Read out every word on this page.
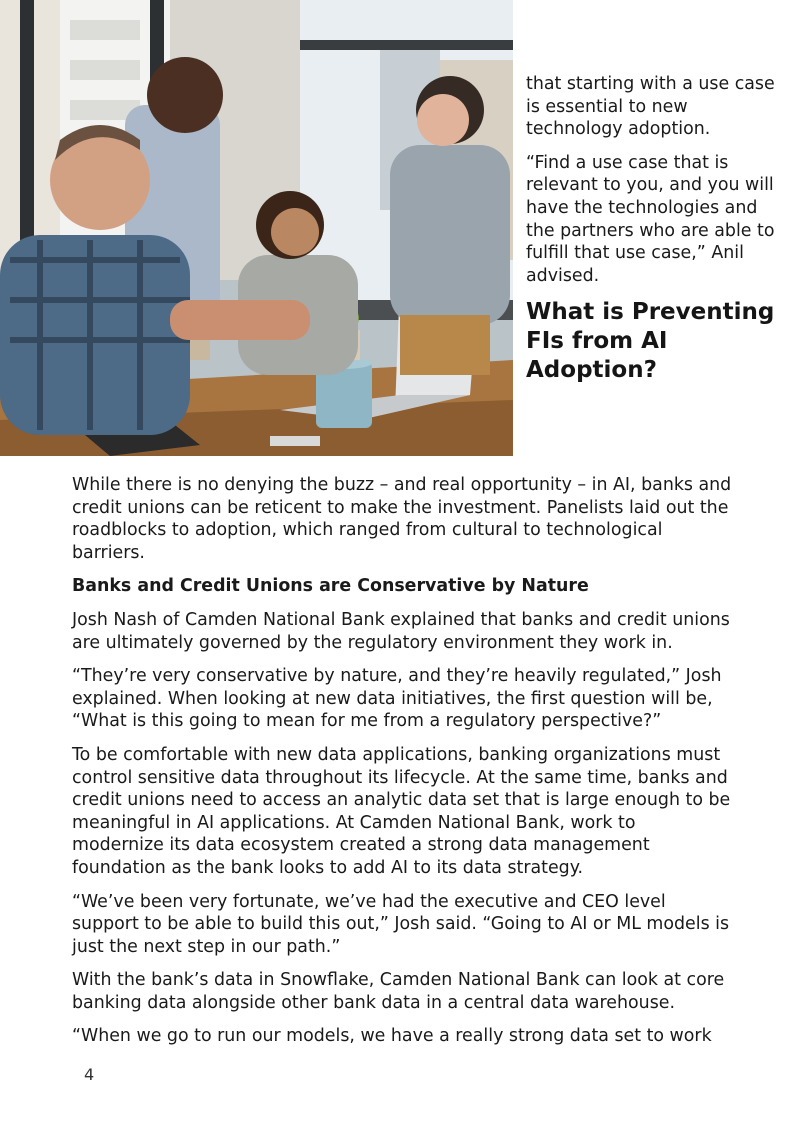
that starting with a use case is essential to new technology adoption.

“Find a use case that is relevant to you, and you will have the technologies and the partners who are able to fulfill that use case,” Anil advised.

What is Preventing FIs from AI Adoption?

While there is no denying the buzz – and real opportunity – in AI, banks and credit unions can be reticent to make the investment. Panelists laid out the roadblocks to adoption, which ranged from cultural to technological barriers.

Banks and Credit Unions are Conservative by Nature

Josh Nash of Camden National Bank explained that banks and credit unions are ultimately governed by the regulatory environment they work in.

“They’re very conservative by nature, and they’re heavily regulated,” Josh explained. When looking at new data initiatives, the first question will be, “What is this going to mean for me from a regulatory perspective?”

To be comfortable with new data applications, banking organizations must control sensitive data throughout its lifecycle. At the same time, banks and credit unions need to access an analytic data set that is large enough to be meaningful in AI applications. At Camden National Bank, work to modernize its data ecosystem created a strong data management foundation as the bank looks to add AI to its data strategy.

“We’ve been very fortunate, we’ve had the executive and CEO level support to be able to build this out,” Josh said. “Going to AI or ML models is just the next step in our path.”

With the bank’s data in Snowflake, Camden National Bank can look at core banking data alongside other bank data in a central data warehouse.

“When we go to run our models, we have a really strong data set to work

4
